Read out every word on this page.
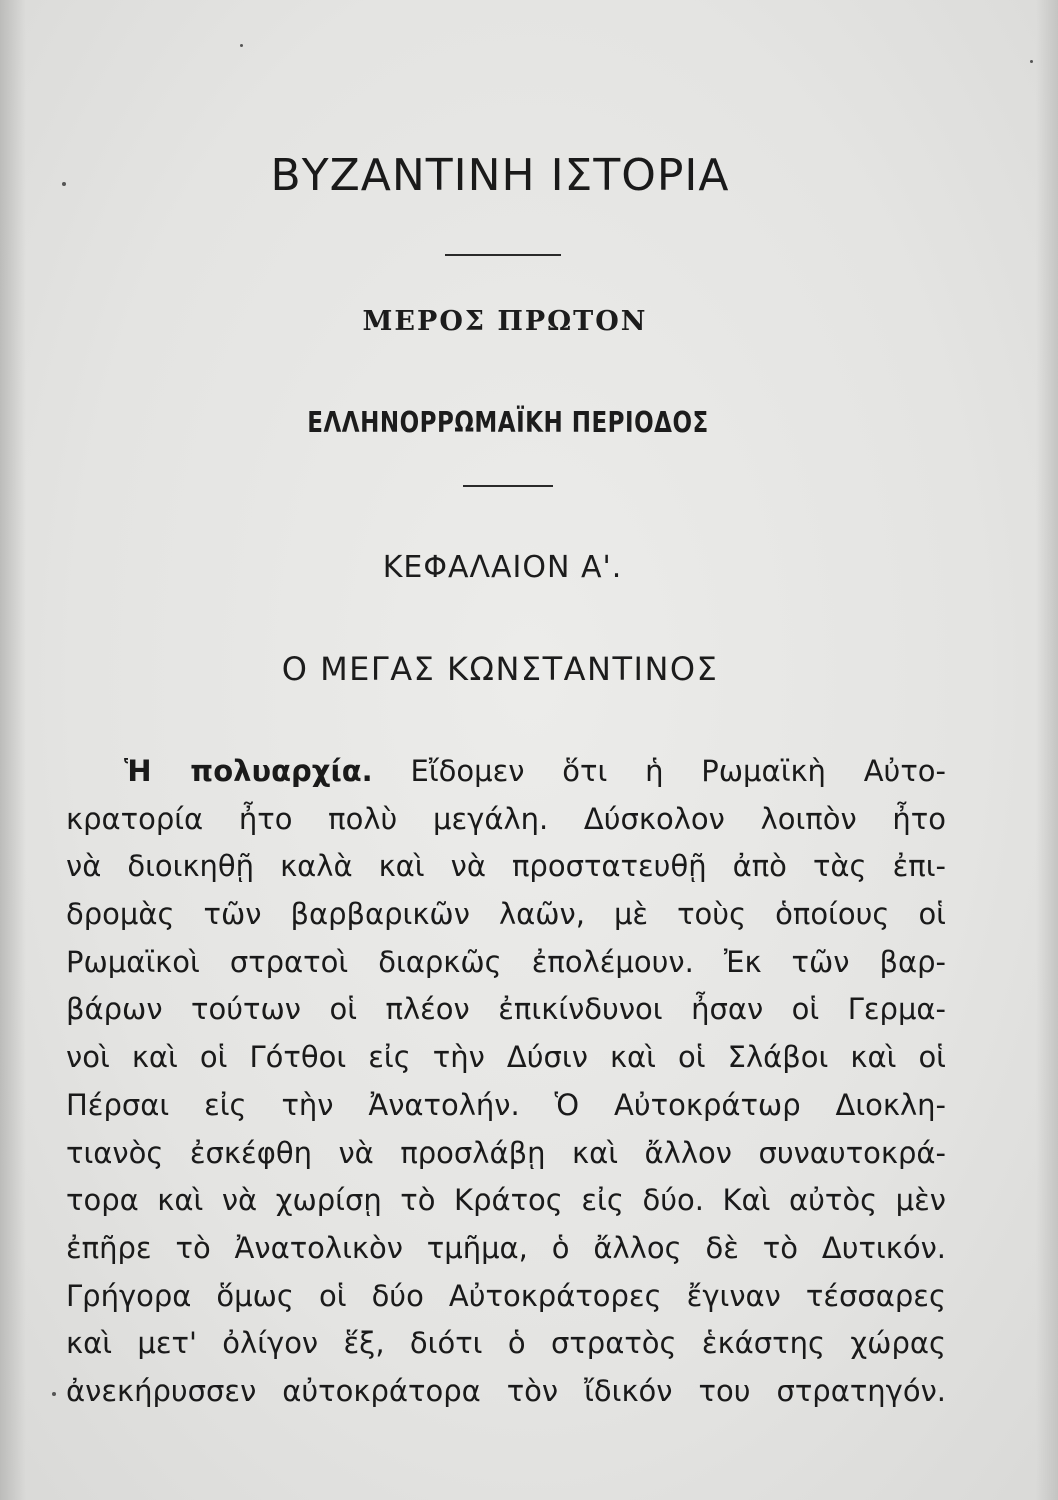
ΒΥΖΑΝΤΙΝΗ ΙΣΤΟΡΙΑ
ΜΕΡΟΣ ΠΡΩΤΟΝ
ΕΛΛΗΝΟΡΡΩΜΑΪΚΗ ΠΕΡΙΟΔΟΣ
ΚΕΦΑΛΑΙΟΝ Α'.
Ο ΜΕΓΑΣ ΚΩΝΣΤΑΝΤΙΝΟΣ
Ἡ πολυαρχία. Εἴδομεν ὅτι ἡ Ρωμαϊκὴ Αὐτο-
κρατορία ἦτο πολὺ μεγάλη. Δύσκολον λοιπὸν ἦτο
νὰ διοικηθῇ καλὰ καὶ νὰ προστατευθῇ ἀπὸ τὰς ἐπι-
δρομὰς τῶν βαρβαρικῶν λαῶν, μὲ τοὺς ὁποίους οἱ
Ρωμαϊκοὶ στρατοὶ διαρκῶς ἐπολέμουν. Ἐκ τῶν βαρ-
βάρων τούτων οἱ πλέον ἐπικίνδυνοι ἦσαν οἱ Γερμα-
νοὶ καὶ οἱ Γότθοι εἰς τὴν Δύσιν καὶ οἱ Σλάβοι καὶ οἱ
Πέρσαι εἰς τὴν Ἀνατολήν. Ὁ Αὐτοκράτωρ Διοκλη-
τιανὸς ἐσκέφθη νὰ προσλάβῃ καὶ ἄλλον συναυτοκρά-
τορα καὶ νὰ χωρίσῃ τὸ Κράτος εἰς δύο. Καὶ αὐτὸς μὲν
ἐπῆρε τὸ Ἀνατολικὸν τμῆμα, ὁ ἄλλος δὲ τὸ Δυτικόν.
Γρήγορα ὅμως οἱ δύο Αὐτοκράτορες ἔγιναν τέσσαρες
καὶ μετ' ὀλίγον ἕξ, διότι ὁ στρατὸς ἑκάστης χώρας
ἀνεκήρυσσεν αὐτοκράτορα τὸν ἴδικόν του στρατηγόν.
